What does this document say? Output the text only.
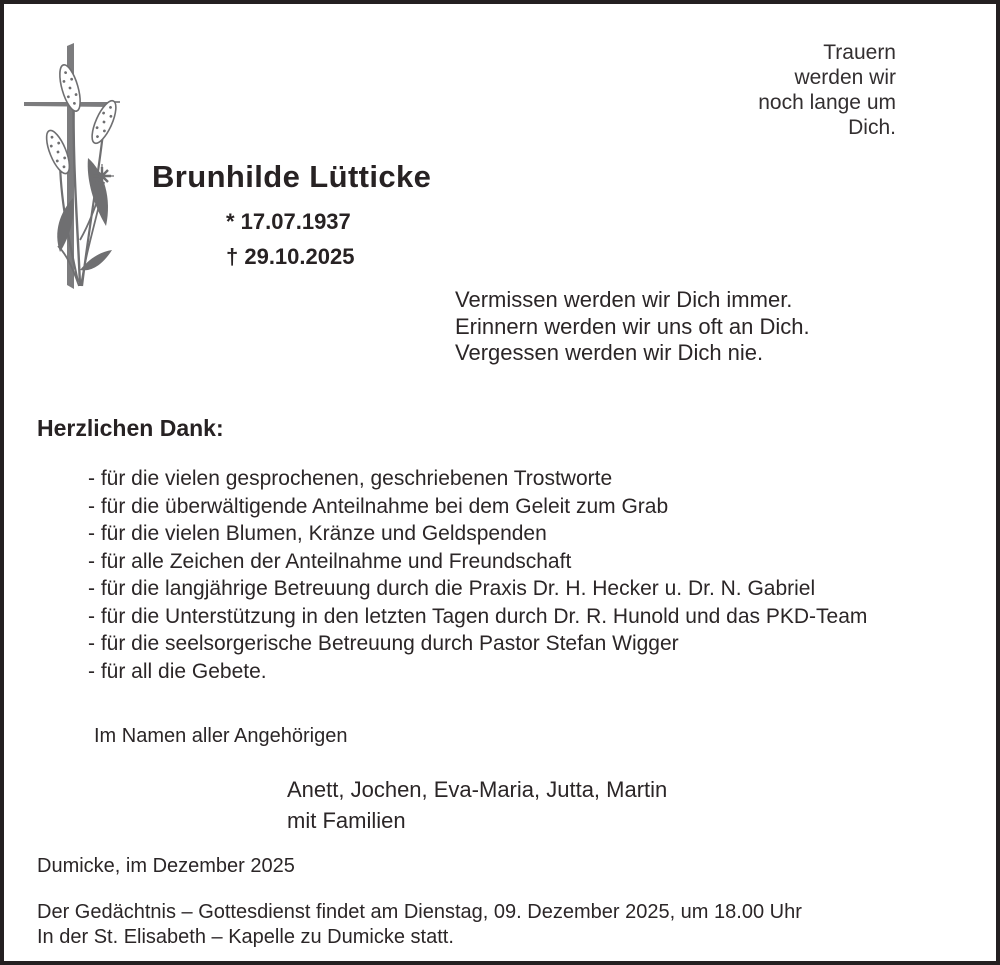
Trauern
werden wir
noch lange um
Dich.
Brunhilde Lütticke
* 17.07.1937
† 29.10.2025
Vermissen werden wir Dich immer.
Erinnern werden wir uns oft an Dich.
Vergessen werden wir Dich nie.
Herzlichen Dank:
- für die vielen gesprochenen, geschriebenen Trostworte
- für die überwältigende Anteilnahme bei dem Geleit zum Grab
- für die vielen Blumen, Kränze und Geldspenden
- für alle Zeichen der Anteilnahme und Freundschaft
- für die langjährige Betreuung durch die Praxis Dr. H. Hecker u. Dr. N. Gabriel
- für die Unterstützung in den letzten Tagen durch Dr. R. Hunold und das PKD-Team
- für die seelsorgerische Betreuung durch Pastor Stefan Wigger
- für all die Gebete.
Im Namen aller Angehörigen
Anett, Jochen, Eva-Maria, Jutta, Martin
mit Familien
Dumicke, im Dezember 2025
Der Gedächtnis – Gottesdienst findet am Dienstag, 09. Dezember 2025, um 18.00 Uhr
In der St. Elisabeth – Kapelle zu Dumicke statt.
